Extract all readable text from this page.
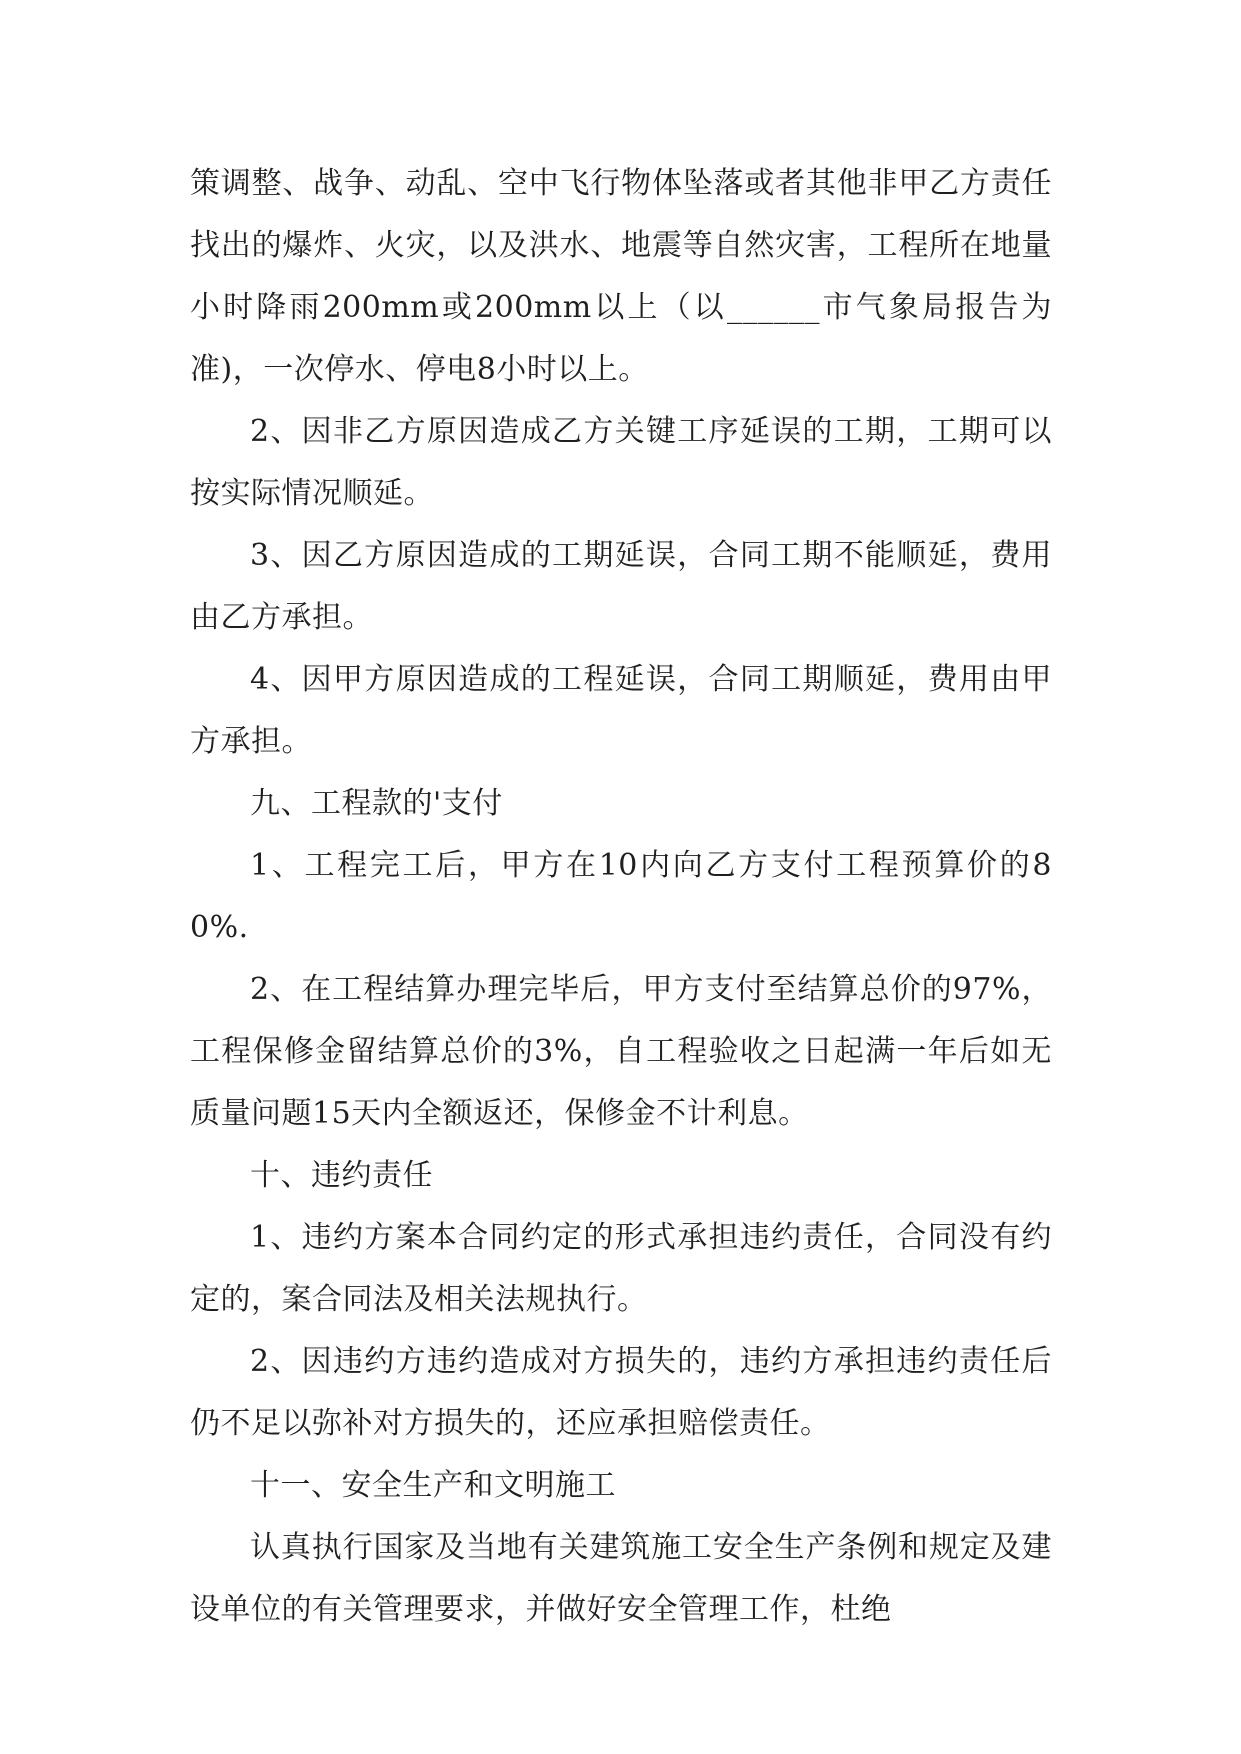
策调整、战争、动乱、空中飞行物体坠落或者其他非甲乙方责任找出的爆炸、火灾，以及洪水、地震等自然灾害，工程所在地量小时降雨200mm或200mm以上（以______市气象局报告为准)，一次停水、停电8小时以上。

2、因非乙方原因造成乙方关键工序延误的工期，工期可以按实际情况顺延。

3、因乙方原因造成的工期延误，合同工期不能顺延，费用由乙方承担。

4、因甲方原因造成的工程延误，合同工期顺延，费用由甲方承担。

九、工程款的'支付

1、工程完工后，甲方在10内向乙方支付工程预算价的80%.

2、在工程结算办理完毕后，甲方支付至结算总价的97%，工程保修金留结算总价的3%，自工程验收之日起满一年后如无质量问题15天内全额返还，保修金不计利息。

十、违约责任

1、违约方案本合同约定的形式承担违约责任，合同没有约定的，案合同法及相关法规执行。

2、因违约方违约造成对方损失的，违约方承担违约责任后仍不足以弥补对方损失的，还应承担赔偿责任。

十一、安全生产和文明施工

认真执行国家及当地有关建筑施工安全生产条例和规定及建设单位的有关管理要求，并做好安全管理工作，杜绝
